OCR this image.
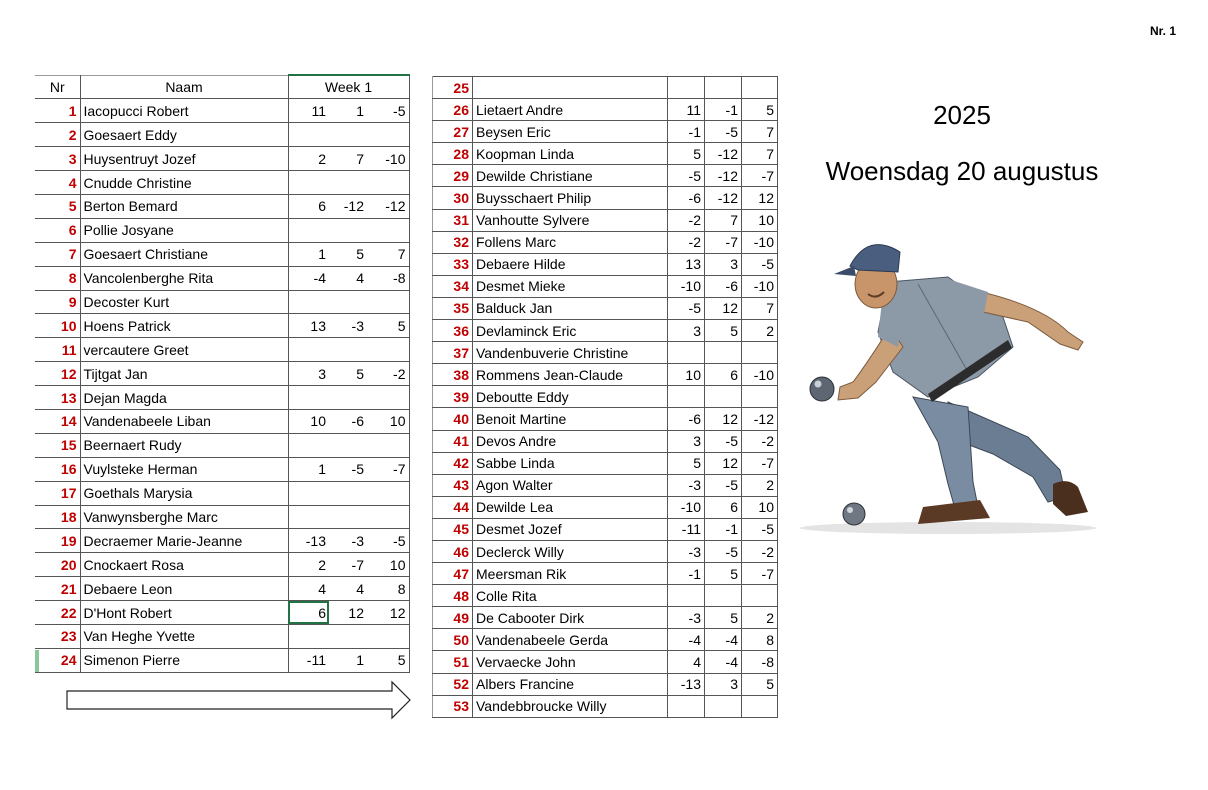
Nr. 1
2025
Woensdag 20 augustus
Nr	Naam	Week 1		
1	Iacopucci Robert	11	1	-5
2	Goesaert Eddy			
3	Huysentruyt Jozef	2	7	-10
4	Cnudde Christine			
5	Berton Bemard	6	-12	-12
6	Pollie Josyane			
7	Goesaert Christiane	1	5	7
8	Vancolenberghe Rita	-4	4	-8
9	Decoster Kurt			
10	Hoens Patrick	13	-3	5
11	vercautere Greet			
12	Tijtgat Jan	3	5	-2
13	Dejan Magda			
14	Vandenabeele Liban	10	-6	10
15	Beernaert Rudy			
16	Vuylsteke Herman	1	-5	-7
17	Goethals Marysia			
18	Vanwynsberghe Marc			
19	Decraemer Marie-Jeanne	-13	-3	-5
20	Cnockaert Rosa	2	-7	10
21	Debaere Leon	4	4	8
22	D'Hont Robert	6	12	12
23	Van Heghe Yvette			
24	Simenon Pierre	-11	1	5
25				
26	Lietaert Andre	11	-1	5
27	Beysen Eric	-1	-5	7
28	Koopman Linda	5	-12	7
29	Dewilde Christiane	-5	-12	-7
30	Buysschaert Philip	-6	-12	12
31	Vanhoutte Sylvere	-2	7	10
32	Follens Marc	-2	-7	-10
33	Debaere Hilde	13	3	-5
34	Desmet Mieke	-10	-6	-10
35	Balduck Jan	-5	12	7
36	Devlaminck Eric	3	5	2
37	Vandenbuverie Christine			
38	Rommens Jean-Claude	10	6	-10
39	Deboutte Eddy			
40	Benoit Martine	-6	12	-12
41	Devos Andre	3	-5	-2
42	Sabbe Linda	5	12	-7
43	Agon Walter	-3	-5	2
44	Dewilde Lea	-10	6	10
45	Desmet Jozef	-11	-1	-5
46	Declerck Willy	-3	-5	-2
47	Meersman Rik	-1	5	-7
48	Colle Rita			
49	De Cabooter Dirk	-3	5	2
50	Vandenabeele Gerda	-4	-4	8
51	Vervaecke John	4	-4	-8
52	Albers Francine	-13	3	5
53	Vandebbroucke Willy			
